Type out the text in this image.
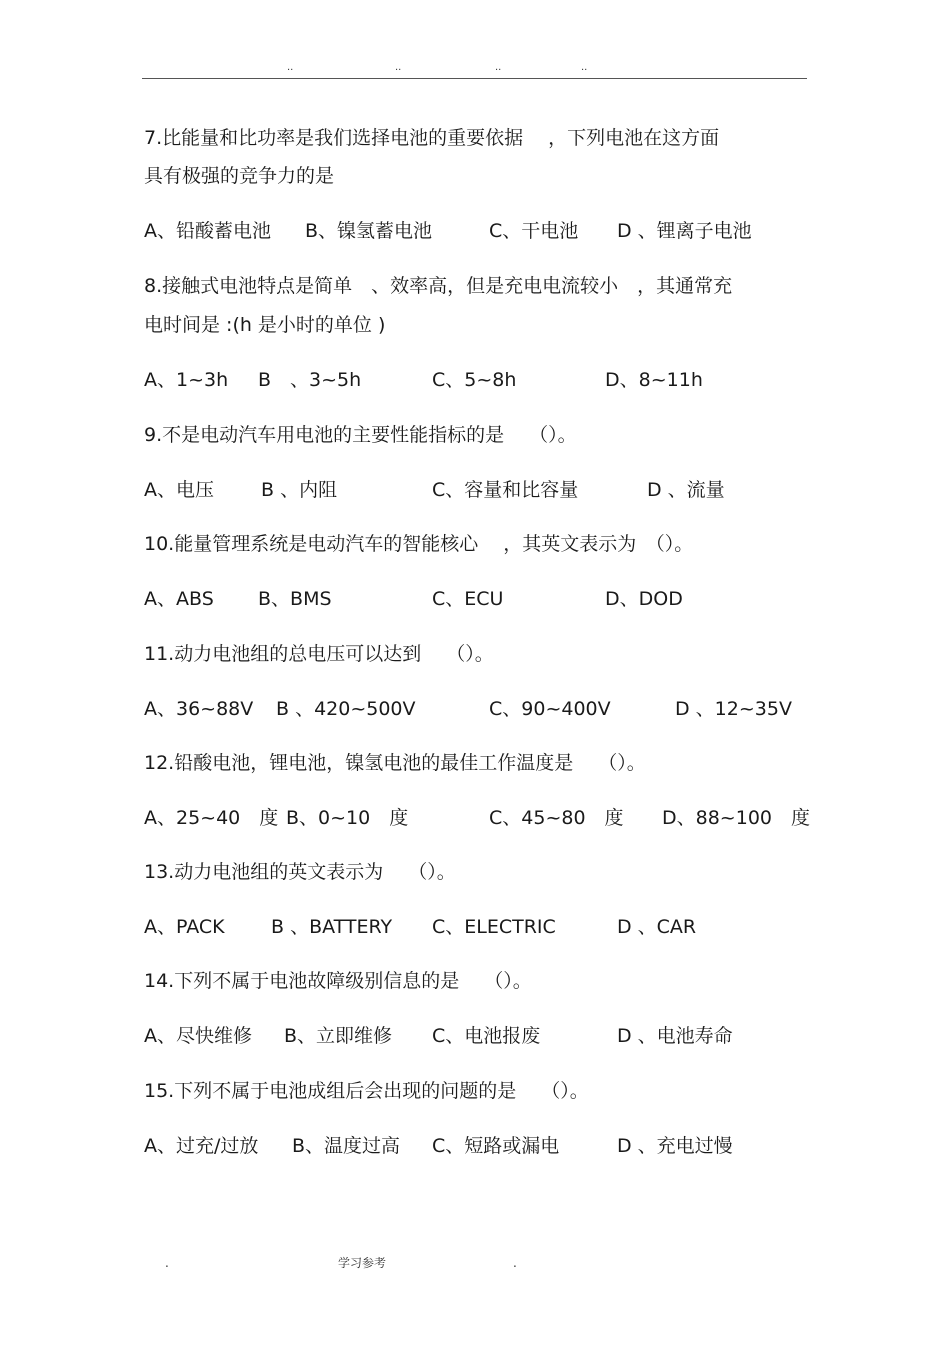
..	..	..	..
7.比能量和比功率是我们选择电池的重要依据　 ，下列电池在这方面
具有极强的竞争力的是
A、铅酸蓄电池 B、镍氢蓄电池	C、干电池 D 、锂离子电池
8.接触式电池特点是简单　、效率高，但是充电电流较小　，其通常充
电时间是 :(h 是小时的单位 )
A、1~3h B　、3~5h	C、5~8h	D、8~11h
9.不是电动汽车用电池的主要性能指标的是　 （）。
A、电压 B 、内阻	C、容量和比容量	D 、流量
10.能量管理系统是电动汽车的智能核心　 ，其英文表示为　（）。
A、ABS B、BMS	C、ECU	D、DOD
11.动力电池组的总电压可以达到　 （）。
A、36~88V B 、420~500V	C、90~400V	D 、12~35V
12.铅酸电池，锂电池，镍氢电池的最佳工作温度是　 （）。
A、25~40　度 B、0~10　度	C、45~80　度 D、88~100　度
13.动力电池组的英文表示为　 （）。
A、PACK B 、BATTERY C、ELECTRIC	D 、CAR
14.下列不属于电池故障级别信息的是　 （）。
A、尽快维修 B、立即维修 C、电池报废	D 、电池寿命
15.下列不属于电池成组后会出现的问题的是　 （）。
A、过充/过放 B、温度过高 C、短路或漏电	D 、充电过慢
.	学习参考	.
